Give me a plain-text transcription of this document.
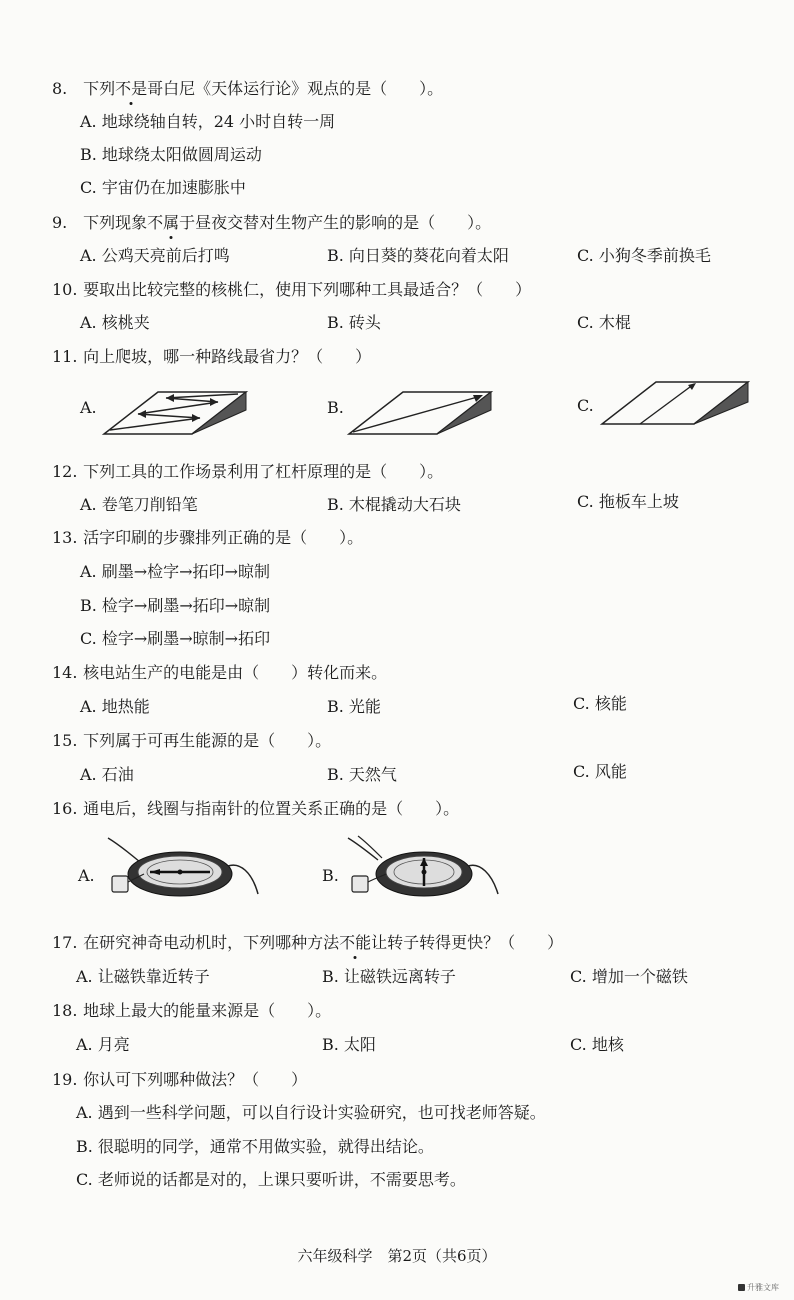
8. 下列不是哥白尼《天体运行论》观点的是（　　）。
A. 地球绕轴自转，24 小时自转一周
B. 地球绕太阳做圆周运动
C. 宇宙仍在加速膨胀中
9. 下列现象不属于昼夜交替对生物产生的影响的是（　　）。
A. 公鸡天亮前后打鸣	B. 向日葵的葵花向着太阳	C. 小狗冬季前换毛
10. 要取出比较完整的核桃仁，使用下列哪种工具最适合？（　　）
A. 核桃夹	B. 砖头	C. 木棍
11. 向上爬坡，哪一种路线最省力？（　　）
A.	B.	C.
12. 下列工具的工作场景利用了杠杆原理的是（　　）。
A. 卷笔刀削铅笔	B. 木棍撬动大石块	C. 拖板车上坡
13. 活字印刷的步骤排列正确的是（　　）。
A. 刷墨→检字→拓印→晾制
B. 检字→刷墨→拓印→晾制
C. 检字→刷墨→晾制→拓印
14. 核电站生产的电能是由（　　）转化而来。
A. 地热能	B. 光能	C. 核能
15. 下列属于可再生能源的是（　　）。
A. 石油	B. 天然气	C. 风能
16. 通电后，线圈与指南针的位置关系正确的是（　　）。
A.	B.
17. 在研究神奇电动机时，下列哪种方法不能让转子转得更快？（　　）
A. 让磁铁靠近转子	B. 让磁铁远离转子	C. 增加一个磁铁
18. 地球上最大的能量来源是（　　）。
A. 月亮	B. 太阳	C. 地核
19. 你认可下列哪种做法？（　　）
A. 遇到一些科学问题，可以自行设计实验研究，也可找老师答疑。
B. 很聪明的同学，通常不用做实验，就得出结论。
C. 老师说的话都是对的，上课只要听讲，不需要思考。
六年级科学　第2页（共6页）
升雅文库
